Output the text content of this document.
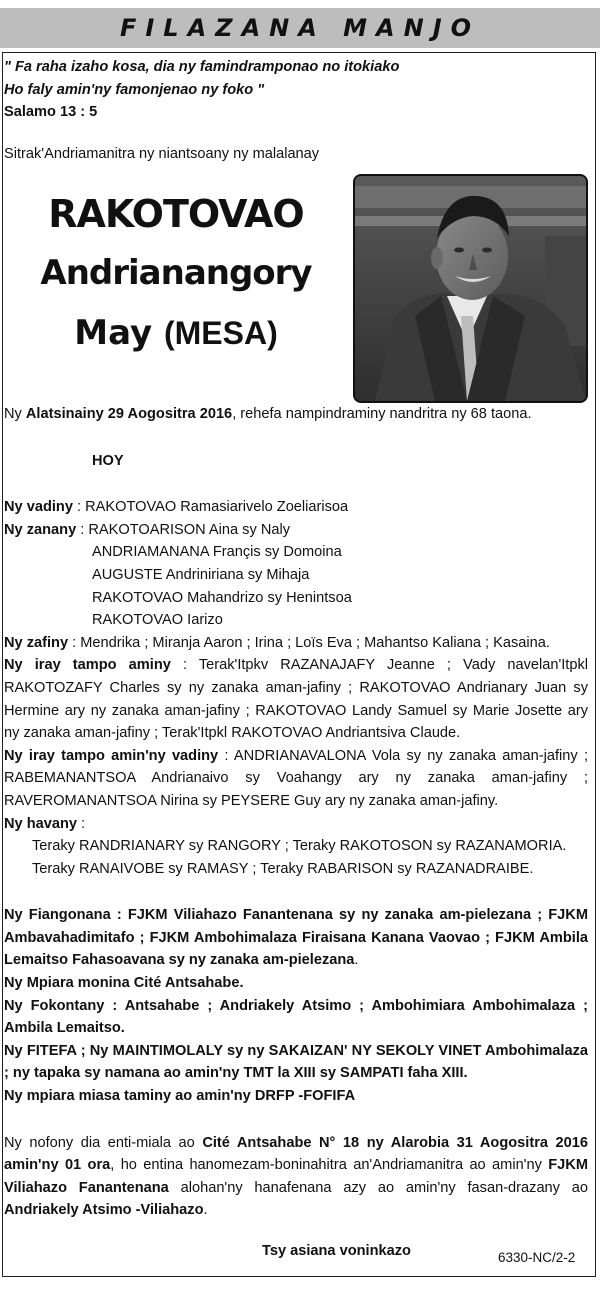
FILAZANA MANJO

" Fa raha izaho kosa, dia ny famindramponao no itokiako

Ho faly amin'ny famonjenao ny foko "

Salamo 13 : 5

Sitrak'Andriamanitra ny niantsoany ny malalanay
RAKOTOVAO
Andrianangory
May (MESA)

Ny Alatsinainy 29 Aogositra 2016, rehefa nampindraminy nandritra ny 68 taona.

HOY

Ny vadiny : RAKOTOVAO Ramasiarivelo Zoeliarisoa

Ny zanany : RAKOTOARISON Aina sy Naly

ANDRIAMANANA Françis sy Domoina

AUGUSTE Andriniriana sy Mihaja

RAKOTOVAO Mahandrizo sy Henintsoa

RAKOTOVAO Iarizo

Ny zafiny : Mendrika ; Miranja Aaron ; Irina ; Loïs Eva ; Mahantso Kaliana ; Kasaina.

Ny iray tampo aminy : Terak'Itpkv RAZANAJAFY Jeanne ; Vady navelan'Itpkl RAKOTOZAFY Charles sy ny zanaka aman-jafiny ; RAKOTOVAO Andrianary Juan sy Hermine ary ny zanaka aman-jafiny ; RAKOTOVAO Landy Samuel sy Marie Josette ary ny zanaka aman-jafiny ; Terak'Itpkl RAKOTOVAO Andriantsiva Claude.

Ny iray tampo amin'ny vadiny : ANDRIANAVALONA Vola sy ny zanaka aman-jafiny ; RABEMANANTSOA Andrianaivo sy Voahangy ary ny zanaka aman-jafiny ; RAVEROMANANTSOA Nirina sy PEYSERE Guy ary ny zanaka aman-jafiny.

Ny havany :

Teraky RANDRIANARY sy RANGORY ; Teraky RAKOTOSON sy RAZANAMORIA.

Teraky RANAIVOBE sy RAMASY ; Teraky RABARISON sy RAZANADRAIBE.

Ny Fiangonana : FJKM Viliahazo Fanantenana sy ny zanaka am-pielezana ; FJKM Ambavahadimitafo ; FJKM Ambohimalaza Firaisana Kanana Vaovao ; FJKM Ambila Lemaitso Fahasoavana sy ny zanaka am-pielezana.

Ny Mpiara monina Cité Antsahabe.

Ny Fokontany : Antsahabe ; Andriakely Atsimo ; Ambohimiara Ambohimalaza ; Ambila Lemaitso.

Ny FITEFA ; Ny MAINTIMOLALY sy ny SAKAIZAN' NY SEKOLY VINET Ambohimalaza ; ny tapaka sy namana ao amin'ny TMT la XIII sy SAMPATI faha XIII.

Ny mpiara miasa taminy ao amin'ny DRFP -FOFIFA

Ny nofony dia enti-miala ao Cité Antsahabe N° 18 ny Alarobia 31 Aogositra 2016 amin'ny 01 ora, ho entina hanomezam-boninahitra an'Andriamanitra ao amin'ny FJKM Viliahazo Fanantenana alohan'ny hanafenana azy ao amin'ny fasan-drazany ao Andriakely Atsimo -Viliahazo.

Tsy asiana voninkazo	6330-NC/2-2
